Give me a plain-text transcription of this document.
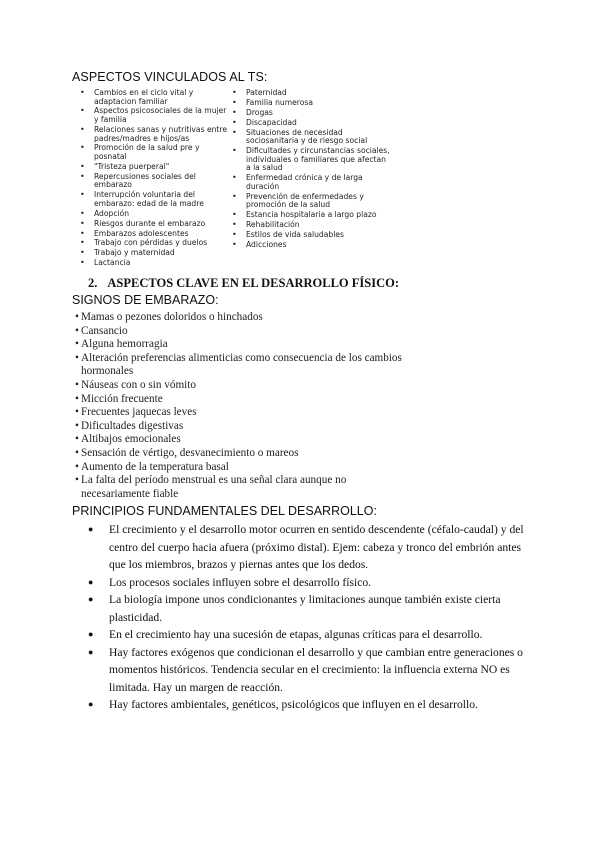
ASPECTOS VINCULADOS AL TS:
• Cambios en el ciclo vital y adaptacion familiar
• Aspectos psicosociales de la mujer y familia
• Relaciones sanas y nutritivas entre padres/madres e hijos/as
• Promoción de la salud pre y posnatal
• "Tristeza puerperal"
• Repercusiones sociales del embarazo
• Interrupción voluntaria del embarazo: edad de la madre
• Adopción
• Riesgos durante el embarazo
• Embarazos adolescentes
• Trabajo con pérdidas y duelos
• Trabajo y maternidad
• Lactancia
• Paternidad
• Familia numerosa
• Drogas
• Discapacidad
• Situaciones de necesidad sociosanitaria y de riesgo social
• Dificultades y circunstancias sociales, individuales o familiares que afectan a la salud
• Enfermedad crónica y de larga duración
• Prevención de enfermedades y promoción de la salud
• Estancia hospitalaria a largo plazo
• Rehabilitación
• Estilos de vida saludables
• Adicciones
2. ASPECTOS CLAVE EN EL DESARROLLO FÍSICO:
SIGNOS DE EMBARAZO:
• Mamas o pezones doloridos o hinchados
• Cansancio
• Alguna hemorragia
• Alteración preferencias alimenticias como consecuencia de los cambios hormonales
• Náuseas con o sin vómito
• Micción frecuente
• Frecuentes jaquecas leves
• Dificultades digestivas
• Altibajos emocionales
• Sensación de vértigo, desvanecimiento o mareos
• Aumento de la temperatura basal
• La falta del período menstrual es una señal clara aunque no necesariamente fiable
PRINCIPIOS FUNDAMENTALES DEL DESARROLLO:
● El crecimiento y el desarrollo motor ocurren en sentido descendente (céfalo-caudal) y del centro del cuerpo hacia afuera (próximo distal). Ejem: cabeza y tronco del embrión antes que los miembros, brazos y piernas antes que los dedos.
● Los procesos sociales influyen sobre el desarrollo físico.
● La biología impone unos condicionantes y limitaciones aunque también existe cierta plasticidad.
● En el crecimiento hay una sucesión de etapas, algunas críticas para el desarrollo.
● Hay factores exógenos que condicionan el desarrollo y que cambian entre generaciones o momentos históricos. Tendencia secular en el crecimiento: la influencia externa NO es limitada. Hay un margen de reacción.
● Hay factores ambientales, genéticos, psicológicos que influyen en el desarrollo.
